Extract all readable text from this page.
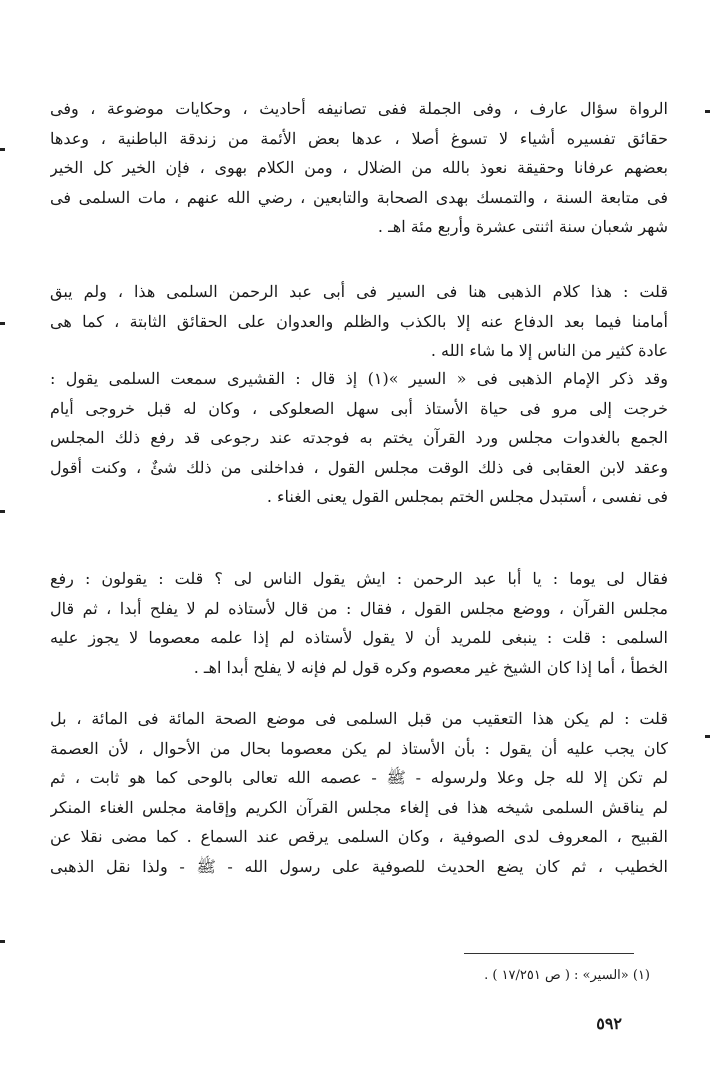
الرواة سؤال عارف ، وفى الجملة ففى تصانيفه أحاديث ، وحكايات موضوعة ، وفى
حقائق تفسيره أشياء لا تسوغ أصلا ، عدها بعض الأئمة من زندقة الباطنية ، وعدها
بعضهم عرفانا وحقيقة نعوذ بالله من الضلال ، ومن الكلام بهوى ، فإن الخير كل الخير
فى متابعة السنة ، والتمسك بهدى الصحابة والتابعين ، رضي الله عنهم ، مات السلمى فى
شهر شعبان سنة اثنتى عشرة وأربع مئة اهـ .
قلت : هذا كلام الذهبى هنا فى السير فى أبى عبد الرحمن السلمى هذا ، ولم يبق
أمامنا فيما بعد الدفاع عنه إلا بالكذب والظلم والعدوان على الحقائق الثابتة ، كما هى
عادة كثير من الناس إلا ما شاء الله .
وقد ذكر الإمام الذهبى فى « السير »(١) إذ قال : القشيرى سمعت السلمى يقول :
خرجت إلى مرو فى حياة الأستاذ أبى سهل الصعلوكى ، وكان له قبل خروجى أيام
الجمع بالغدوات مجلس ورد القرآن يختم به فوجدته عند رجوعى قد رفع ذلك المجلس
وعقد لابن العقابى فى ذلك الوقت مجلس القول ، فداخلنى من ذلك شئٌ ، وكنت أقول
فى نفسى ، أستبدل مجلس الختم بمجلس القول يعنى الغناء .
فقال لى يوما : يا أبا عبد الرحمن : ايش يقول الناس لى ؟ قلت : يقولون : رفع
مجلس القرآن ، ووضع مجلس القول ، فقال : من قال لأستاذه لم لا يفلح أبدا ، ثم قال
السلمى : قلت : ينبغى للمريد أن لا يقول لأستاذه لم إذا علمه معصوما لا يجوز عليه
الخطأ ، أما إذا كان الشيخ غير معصوم وكره قول لم فإنه لا يفلح أبدا اهـ .
قلت : لم يكن هذا التعقيب من قبل السلمى فى موضع الصحة المائة فى المائة ، بل
كان يجب عليه أن يقول : بأن الأستاذ لم يكن معصوما بحال من الأحوال ، لأن العصمة
لم تكن إلا لله جل وعلا ولرسوله - ﷺ - عصمه الله تعالى بالوحى كما هو ثابت ، ثم
لم يناقش السلمى شيخه هذا فى إلغاء مجلس القرآن الكريم وإقامة مجلس الغناء المنكر
القبيح ، المعروف لدى الصوفية ، وكان السلمى يرقص عند السماع . كما مضى نقلا عن
الخطيب ، ثم كان يضع الحديث للصوفية على رسول الله - ﷺ - ولذا نقل الذهبى
(١) «السير» : ( ص ١٧/٢٥١ ) .
٥٩٢
